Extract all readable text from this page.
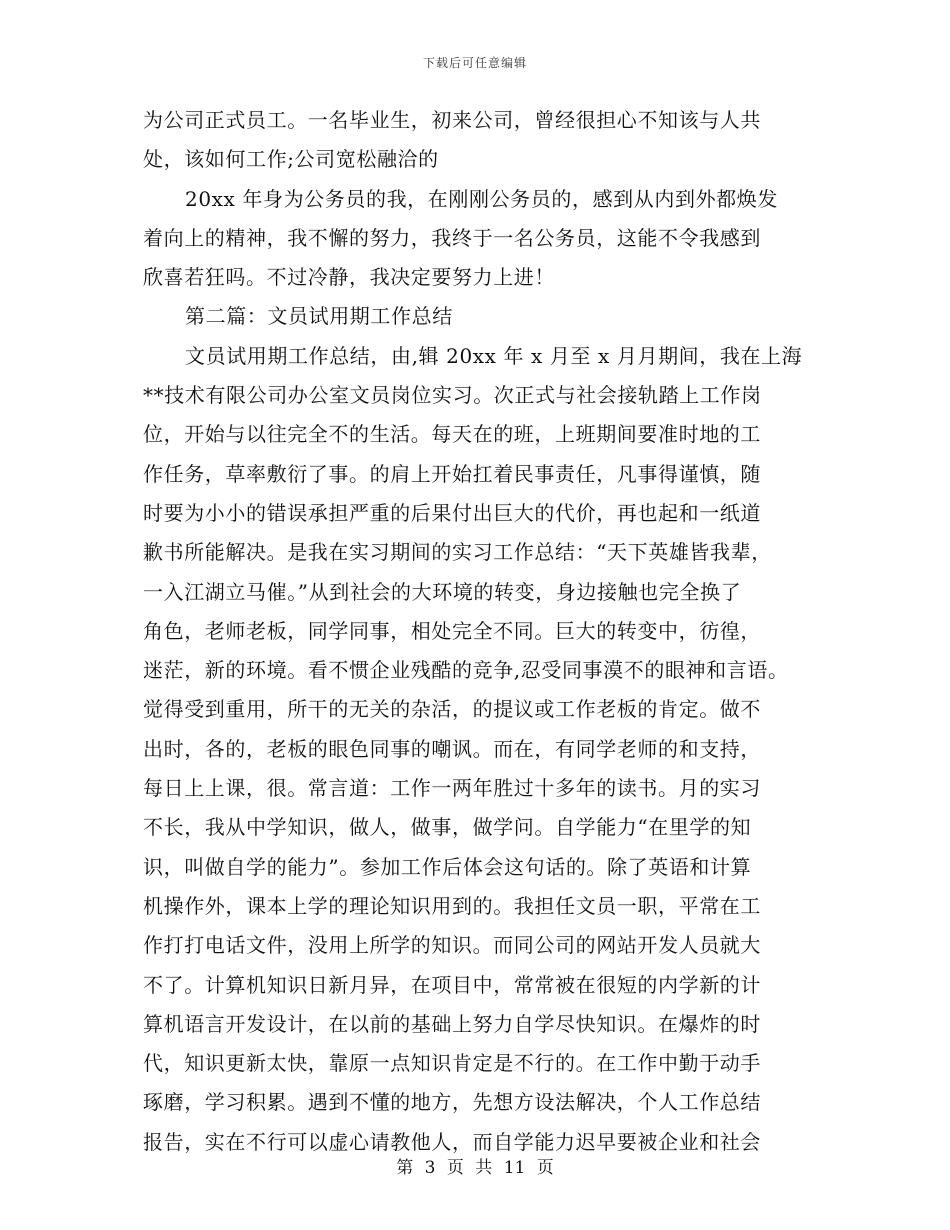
下载后可任意编辑
为公司正式员工。一名毕业生，初来公司，曾经很担心不知该与人共
处，该如何工作;公司宽松融洽的
20xx 年身为公务员的我，在刚刚公务员的，感到从内到外都焕发
着向上的精神，我不懈的努力，我终于一名公务员，这能不令我感到
欣喜若狂吗。不过冷静，我决定要努力上进！
第二篇：文员试用期工作总结
文员试用期工作总结，由,辑 20xx 年 x 月至 x 月月期间，我在上海
**技术有限公司办公室文员岗位实习。次正式与社会接轨踏上工作岗
位，开始与以往完全不的生活。每天在的班，上班期间要准时地的工
作任务，草率敷衍了事。的肩上开始扛着民事责任，凡事得谨慎，随
时要为小小的错误承担严重的后果付出巨大的代价，再也起和一纸道
歉书所能解决。是我在实习期间的实习工作总结：“天下英雄皆我辈，
一入江湖立马催。”从到社会的大环境的转变，身边接触也完全换了
角色，老师老板，同学同事，相处完全不同。巨大的转变中，彷徨，
迷茫，新的环境。看不惯企业残酷的竞争,忍受同事漠不的眼神和言语。
觉得受到重用，所干的无关的杂活，的提议或工作老板的肯定。做不
出时，各的，老板的眼色同事的嘲讽。而在，有同学老师的和支持，
每日上上课，很。常言道：工作一两年胜过十多年的读书。月的实习
不长，我从中学知识，做人，做事，做学问。自学能力“在里学的知
识，叫做自学的能力”。参加工作后体会这句话的。除了英语和计算
机操作外，课本上学的理论知识用到的。我担任文员一职，平常在工
作打打电话文件，没用上所学的知识。而同公司的网站开发人员就大
不了。计算机知识日新月异，在项目中，常常被在很短的内学新的计
算机语言开发设计，在以前的基础上努力自学尽快知识。在爆炸的时
代，知识更新太快，靠原一点知识肯定是不行的。在工作中勤于动手
琢磨，学习积累。遇到不懂的地方，先想方设法解决，个人工作总结
报告，实在不行可以虚心请教他人，而自学能力迟早要被企业和社会
第 3 页 共 11 页
